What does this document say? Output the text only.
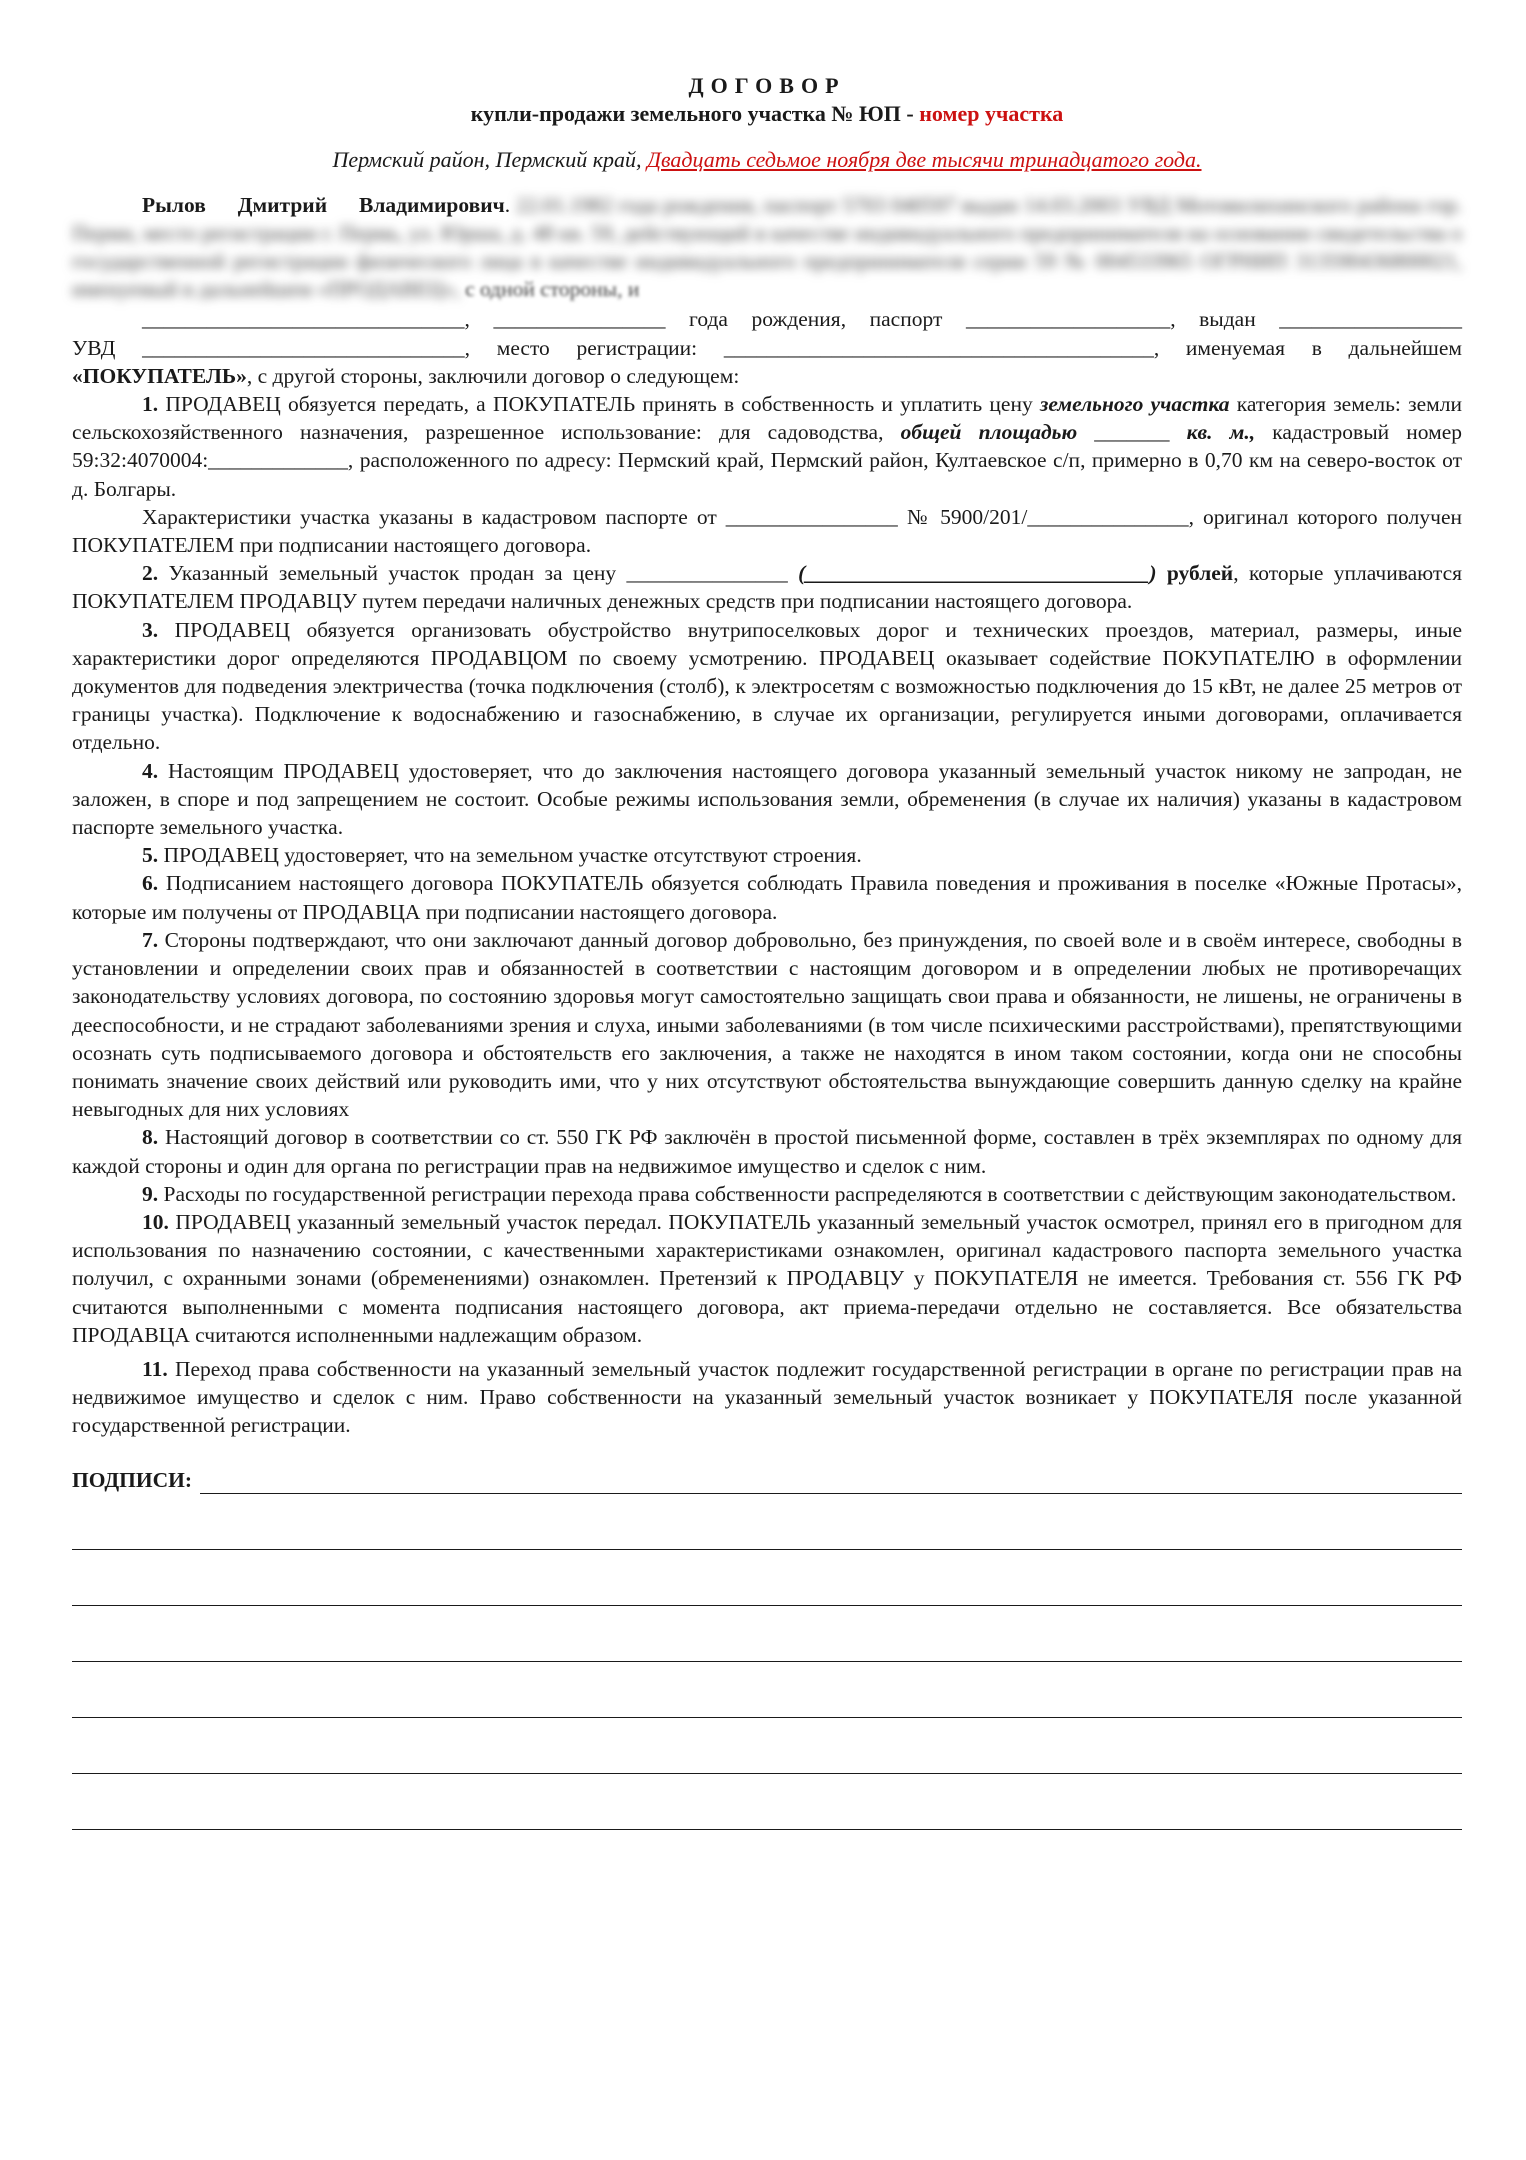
ДОГОВОР

купли-продажи земельного участка № ЮП - номер участка

Пермский район, Пермский край, Двадцать седьмое ноября две тысячи тринадцатого года.

Рылов Дмитрий Владимирович. 22.01.1982 года рождения, паспорт 5703 040597 выдан 14.03.2003 УВД Мотовилихинского района гор. Перми, место регистрации г. Пермь, ул. Юрша, д. 48 кв. 59, действующий в качестве индивидуального предпринимателя на основании свидетельства о государственной регистрации физического лица в качестве индивидуального предпринимателя серии 59 № 004533965 ОГРНИП 313590436800021, именуемый в дальнейшем «ПРОДАВЕЦ», с одной стороны, и

______________________________, ________________ года рождения, паспорт ___________________, выдан _________________

УВД ______________________________, место регистрации: ________________________________________, именуемая в дальнейшем

«ПОКУПАТЕЛЬ», с другой стороны, заключили договор о следующем:

1. ПРОДАВЕЦ обязуется передать, а ПОКУПАТЕЛЬ принять в собственность и уплатить цену земельного участка категория земель: земли сельскохозяйственного назначения, разрешенное использование: для садоводства, общей площадью _______ кв. м., кадастровый номер 59:32:4070004:_____________, расположенного по адресу: Пермский край, Пермский район, Култаевское с/п, примерно в 0,70 км на северо-восток от д. Болгары.

Характеристики участка указаны в кадастровом паспорте от ________________ № 5900/201/_______________, оригинал которого получен ПОКУПАТЕЛЕМ при подписании настоящего договора.

2. Указанный земельный участок продан за цену _______________ (________________________________) рублей, которые уплачиваются ПОКУПАТЕЛЕМ ПРОДАВЦУ путем передачи наличных денежных средств при подписании настоящего договора.

3. ПРОДАВЕЦ обязуется организовать обустройство внутрипоселковых дорог и технических проездов, материал, размеры, иные характеристики дорог определяются ПРОДАВЦОМ по своему усмотрению. ПРОДАВЕЦ оказывает содействие ПОКУПАТЕЛЮ в оформлении документов для подведения электричества (точка подключения (столб), к электросетям с возможностью подключения до 15 кВт, не далее 25 метров от границы участка). Подключение к водоснабжению и газоснабжению, в случае их организации, регулируется иными договорами, оплачивается отдельно.

4. Настоящим ПРОДАВЕЦ удостоверяет, что до заключения настоящего договора указанный земельный участок никому не запродан, не заложен, в споре и под запрещением не состоит. Особые режимы использования земли, обременения (в случае их наличия) указаны в кадастровом паспорте земельного участка.

5. ПРОДАВЕЦ удостоверяет, что на земельном участке отсутствуют строения.

6. Подписанием настоящего договора ПОКУПАТЕЛЬ обязуется соблюдать Правила поведения и проживания в поселке «Южные Протасы», которые им получены от ПРОДАВЦА при подписании настоящего договора.

7. Стороны подтверждают, что они заключают данный договор добровольно, без принуждения, по своей воле и в своём интересе, свободны в установлении и определении своих прав и обязанностей в соответствии с настоящим договором и в определении любых не противоречащих законодательству условиях договора, по состоянию здоровья могут самостоятельно защищать свои права и обязанности, не лишены, не ограничены в дееспособности, и не страдают заболеваниями зрения и слуха, иными заболеваниями (в том числе психическими расстройствами), препятствующими осознать суть подписываемого договора и обстоятельств его заключения, а также не находятся в ином таком состоянии, когда они не способны понимать значение своих действий или руководить ими, что у них отсутствуют обстоятельства вынуждающие совершить данную сделку на крайне невыгодных для них условиях

8. Настоящий договор в соответствии со ст. 550 ГК РФ заключён в простой письменной форме, составлен в трёх экземплярах по одному для каждой стороны и один для органа по регистрации прав на недвижимое имущество и сделок с ним.

9. Расходы по государственной регистрации перехода права собственности распределяются в соответствии с действующим законодательством.

10. ПРОДАВЕЦ указанный земельный участок передал. ПОКУПАТЕЛЬ указанный земельный участок осмотрел, принял его в пригодном для использования по назначению состоянии, с качественными характеристиками ознакомлен, оригинал кадастрового паспорта земельного участка получил, с охранными зонами (обременениями) ознакомлен. Претензий к ПРОДАВЦУ у ПОКУПАТЕЛЯ не имеется. Требования ст. 556 ГК РФ считаются выполненными с момента подписания настоящего договора, акт приема-передачи отдельно не составляется. Все обязательства ПРОДАВЦА считаются исполненными надлежащим образом.

11. Переход права собственности на указанный земельный участок подлежит государственной регистрации в органе по регистрации прав на недвижимое имущество и сделок с ним. Право собственности на указанный земельный участок возникает у ПОКУПАТЕЛЯ после указанной государственной регистрации.

ПОДПИСИ:
